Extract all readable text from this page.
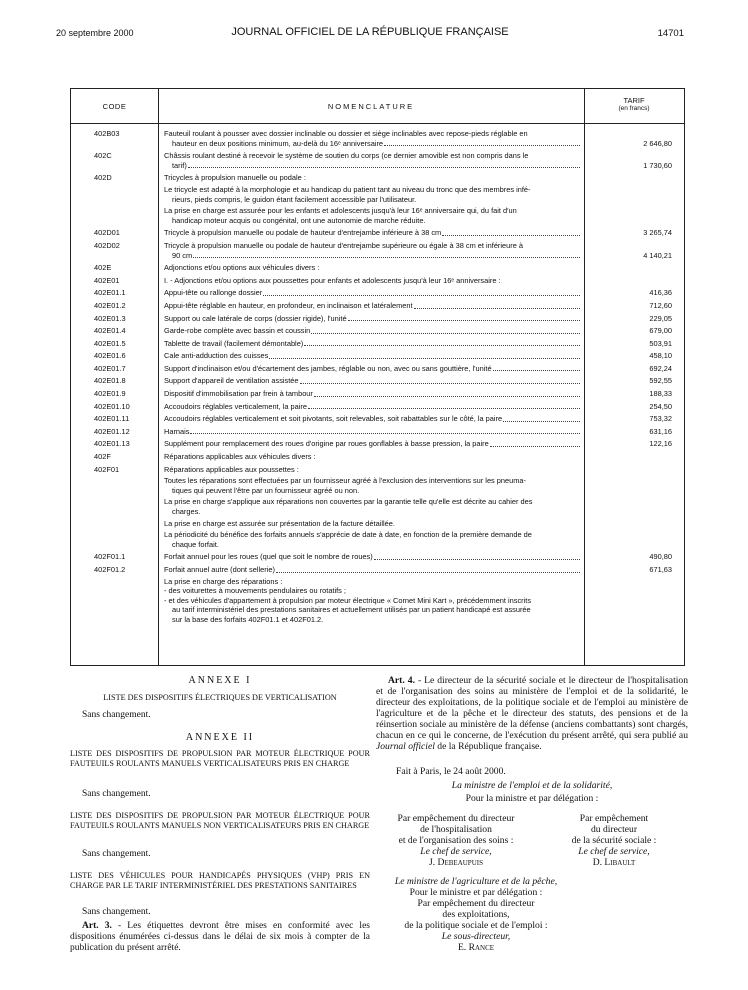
20 septembre 2000	JOURNAL OFFICIEL DE LA RÉPUBLIQUE FRANÇAISE	14701
CODE	NOMENCLATURE
TARIF
(en francs)
402B03	Fauteuil roulant à pousser avec dossier inclinable ou dossier et siège inclinables avec repose-pieds réglable en
hauteur en deux positions minimum, au-delà du 16ᵉ anniversaire	2 646,80
402C	Châssis roulant destiné à recevoir le système de soutien du corps (ce dernier amovible est non compris dans le
tarif)	1 730,60
402D	Tricycles à propulsion manuelle ou podale :
Le tricycle est adapté à la morphologie et au handicap du patient tant au niveau du tronc que des membres infé-
rieurs, pieds compris, le guidon étant facilement accessible par l'utilisateur.
La prise en charge est assurée pour les enfants et adolescents jusqu'à leur 16ᵉ anniversaire qui, du fait d'un
handicap moteur acquis ou congénital, ont une autonomie de marche réduite.
402D01	Tricycle à propulsion manuelle ou podale de hauteur d'entrejambe inférieure à 38 cm	3 265,74
402D02	Tricycle à propulsion manuelle ou podale de hauteur d'entrejambe supérieure ou égale à 38 cm et inférieure à
90 cm	4 140,21
402E	Adjonctions et/ou options aux véhicules divers :
402E01	I. - Adjonctions et/ou options aux poussettes pour enfants et adolescents jusqu'à leur 16ᵉ anniversaire :
402E01.1	Appui-tête ou rallonge dossier	416,36
402E01.2	Appui-tête réglable en hauteur, en profondeur, en inclinaison et latéralement	712,60
402E01.3	Support ou cale latérale de corps (dossier rigide), l'unité	229,05
402E01.4	Garde-robe complète avec bassin et coussin	679,00
402E01.5	Tablette de travail (facilement démontable)	503,91
402E01.6	Cale anti-adduction des cuisses	458,10
402E01.7	Support d'inclinaison et/ou d'écartement des jambes, réglable ou non, avec ou sans gouttière, l'unité	692,24
402E01.8	Support d'appareil de ventilation assistée	592,55
402E01.9	Dispositif d'immobilisation par frein à tambour	188,33
402E01.10	Accoudoirs réglables verticalement, la paire	254,50
402E01.11	Accoudoirs réglables verticalement et soit pivotants, soit relevables, soit rabattables sur le côté, la paire	753,32
402E01.12	Harnais	631,16
402E01.13	Supplément pour remplacement des roues d'origine par roues gonflables à basse pression, la paire	122,16
402F	Réparations applicables aux véhicules divers :
402F01	Réparations applicables aux poussettes :
Toutes les réparations sont effectuées par un fournisseur agréé à l'exclusion des interventions sur les pneuma-
tiques qui peuvent l'être par un fournisseur agréé ou non.
La prise en charge s'applique aux réparations non couvertes par la garantie telle qu'elle est décrite au cahier des
charges.
La prise en charge est assurée sur présentation de la facture détaillée.
La périodicité du bénéfice des forfaits annuels s'apprécie de date à date, en fonction de la première demande de
chaque forfait.
402F01.1	Forfait annuel pour les roues (quel que soit le nombre de roues)	490,80
402F01.2	Forfait annuel autre (dont sellerie)	671,63
La prise en charge des réparations :
- des voiturettes à mouvements pendulaires ou rotatifs ;
- et des véhicules d'appartement à propulsion par moteur électrique « Cornet Mini Kart », précédemment inscrits
au tarif interministériel des prestations sanitaires et actuellement utilisés par un patient handicapé est assurée
sur la base des forfaits 402F01.1 et 402F01.2.
ANNEXE I
LISTE DES DISPOSITIFS ÉLECTRIQUES DE VERTICALISATION
Sans changement.
ANNEXE II
LISTE DES DISPOSITIFS DE PROPULSION PAR MOTEUR ÉLECTRIQUE POUR FAUTEUILS ROULANTS MANUELS VERTICALISATEURS PRIS EN CHARGE
Sans changement.
LISTE DES DISPOSITIFS DE PROPULSION PAR MOTEUR ÉLECTRIQUE POUR FAUTEUILS ROULANTS MANUELS NON VERTICALISATEURS PRIS EN CHARGE
Sans changement.
LISTE DES VÉHICULES POUR HANDICAPÉS PHYSIQUES (VHP) PRIS EN CHARGE PAR LE TARIF INTERMINISTÉRIEL DES PRESTATIONS SANITAIRES
Sans changement.
Art. 3. - Les étiquettes devront être mises en conformité avec les dispositions énumérées ci-dessus dans le délai de six mois à compter de la publication du présent arrêté.
Art. 4. - Le directeur de la sécurité sociale et le directeur de l'hospitalisation et de l'organisation des soins au ministère de l'emploi et de la solidarité, le directeur des exploitations, de la politique sociale et de l'emploi au ministère de l'agriculture et de la pêche et le directeur des statuts, des pensions et de la réinsertion sociale au ministère de la défense (anciens combattants) sont chargés, chacun en ce qui le concerne, de l'exécution du présent arrêté, qui sera publié au Journal officiel de la République française.
Fait à Paris, le 24 août 2000.
La ministre de l'emploi et de la solidarité,
Pour la ministre et par délégation :
Par empêchement du directeur
de l'hospitalisation
et de l'organisation des soins :
Le chef de service,
J. Debeaupuis
Par empêchement
du directeur
de la sécurité sociale :
Le chef de service,
D. Libault
Le ministre de l'agriculture et de la pêche,
Pour le ministre et par délégation :
Par empêchement du directeur
des exploitations,
de la politique sociale et de l'emploi :
Le sous-directeur,
E. Rance
